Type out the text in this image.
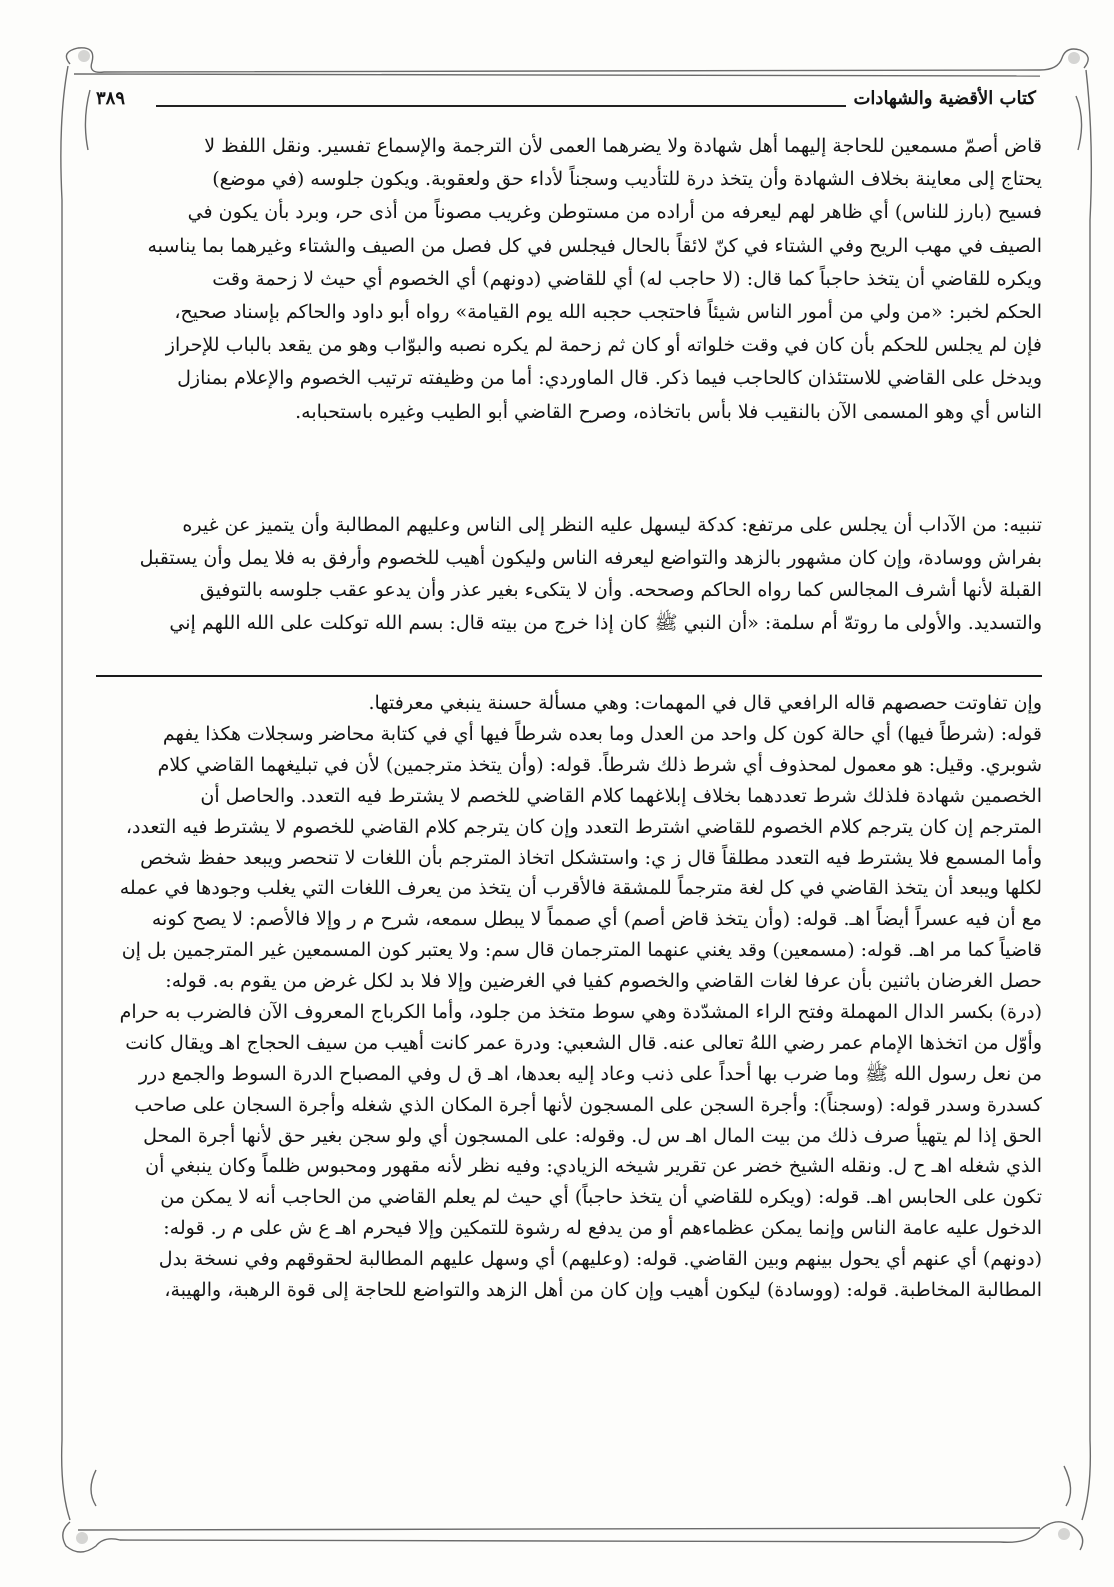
كتاب الأقضية والشهادات
٣٨٩
قاض أصمّ مسمعين للحاجة إليهما أهل شهادة ولا يضرهما العمى لأن الترجمة والإسماع تفسير. ونقل اللفظ لا
يحتاج إلى معاينة بخلاف الشهادة وأن يتخذ درة للتأديب وسجناً لأداء حق ولعقوبة. ويكون جلوسه (في موضع)
فسيح (بارز للناس) أي ظاهر لهم ليعرفه من أراده من مستوطن وغريب مصوناً من أذى حر، وبرد بأن يكون في
الصيف في مهب الريح وفي الشتاء في كنّ لائقاً بالحال فيجلس في كل فصل من الصيف والشتاء وغيرهما بما يناسبه
ويكره للقاضي أن يتخذ حاجباً كما قال: (لا حاجب له) أي للقاضي (دونهم) أي الخصوم أي حيث لا زحمة وقت
الحكم لخبر: «من ولي من أمور الناس شيئاً فاحتجب حجبه الله يوم القيامة» رواه أبو داود والحاكم بإسناد صحيح،
فإن لم يجلس للحكم بأن كان في وقت خلواته أو كان ثم زحمة لم يكره نصبه والبوّاب وهو من يقعد بالباب للإحراز
ويدخل على القاضي للاستئذان كالحاجب فيما ذكر. قال الماوردي: أما من وظيفته ترتيب الخصوم والإعلام بمنازل
الناس أي وهو المسمى الآن بالنقيب فلا بأس باتخاذه، وصرح القاضي أبو الطيب وغيره باستحبابه.
تنبيه: من الآداب أن يجلس على مرتفع: كدكة ليسهل عليه النظر إلى الناس وعليهم المطالبة وأن يتميز عن غيره
بفراش ووسادة، وإن كان مشهور بالزهد والتواضع ليعرفه الناس وليكون أهيب للخصوم وأرفق به فلا يمل وأن يستقبل
القبلة لأنها أشرف المجالس كما رواه الحاكم وصححه. وأن لا يتكىء بغير عذر وأن يدعو عقب جلوسه بالتوفيق
والتسديد. والأولى ما روتهّ أم سلمة: «أن النبي ﷺ كان إذا خرج من بيته قال: بسم الله توكلت على الله اللهم إني
وإن تفاوتت حصصهم قاله الرافعي قال في المهمات: وهي مسألة حسنة ينبغي معرفتها.
قوله: (شرطاً فيها) أي حالة كون كل واحد من العدل وما بعده شرطاً فيها أي في كتابة محاضر وسجلات هكذا يفهم
شوبري. وقيل: هو معمول لمحذوف أي شرط ذلك شرطاً. قوله: (وأن يتخذ مترجمين) لأن في تبليغهما القاضي كلام
الخصمين شهادة فلذلك شرط تعددهما بخلاف إبلاغهما كلام القاضي للخصم لا يشترط فيه التعدد. والحاصل أن
المترجم إن كان يترجم كلام الخصوم للقاضي اشترط التعدد وإن كان يترجم كلام القاضي للخصوم لا يشترط فيه التعدد،
وأما المسمع فلا يشترط فيه التعدد مطلقاً قال ز ي: واستشكل اتخاذ المترجم بأن اللغات لا تنحصر ويبعد حفظ شخص
لكلها ويبعد أن يتخذ القاضي في كل لغة مترجماً للمشقة فالأقرب أن يتخذ من يعرف اللغات التي يغلب وجودها في عمله
مع أن فيه عسراً أيضاً اهـ. قوله: (وأن يتخذ قاض أصم) أي صمماً لا يبطل سمعه، شرح م ر وإلا فالأصم: لا يصح كونه
قاضياً كما مر اهـ. قوله: (مسمعين) وقد يغني عنهما المترجمان قال سم: ولا يعتبر كون المسمعين غير المترجمين بل إن
حصل الغرضان باثنين بأن عرفا لغات القاضي والخصوم كفيا في الغرضين وإلا فلا بد لكل غرض من يقوم به. قوله:
(درة) بكسر الدال المهملة وفتح الراء المشدّدة وهي سوط متخذ من جلود، وأما الكرباج المعروف الآن فالضرب به حرام
وأوّل من اتخذها الإمام عمر رضي اللهُ تعالى عنه. قال الشعبي: ودرة عمر كانت أهيب من سيف الحجاج اهـ ويقال كانت
من نعل رسول الله ﷺ وما ضرب بها أحداً على ذنب وعاد إليه بعدها، اهـ ق ل وفي المصباح الدرة السوط والجمع درر
كسدرة وسدر قوله: (وسجناً): وأجرة السجن على المسجون لأنها أجرة المكان الذي شغله وأجرة السجان على صاحب
الحق إذا لم يتهيأ صرف ذلك من بيت المال اهـ س ل. وقوله: على المسجون أي ولو سجن بغير حق لأنها أجرة المحل
الذي شغله اهـ ح ل. ونقله الشيخ خضر عن تقرير شيخه الزيادي: وفيه نظر لأنه مقهور ومحبوس ظلماً وكان ينبغي أن
تكون على الحابس اهـ. قوله: (ويكره للقاضي أن يتخذ حاجباً) أي حيث لم يعلم القاضي من الحاجب أنه لا يمكن من
الدخول عليه عامة الناس وإنما يمكن عظماءهم أو من يدفع له رشوة للتمكين وإلا فيحرم اهـ ع ش على م ر. قوله:
(دونهم) أي عنهم أي يحول بينهم وبين القاضي. قوله: (وعليهم) أي وسهل عليهم المطالبة لحقوقهم وفي نسخة بدل
المطالبة المخاطبة. قوله: (ووسادة) ليكون أهيب وإن كان من أهل الزهد والتواضع للحاجة إلى قوة الرهبة، والهيبة،
